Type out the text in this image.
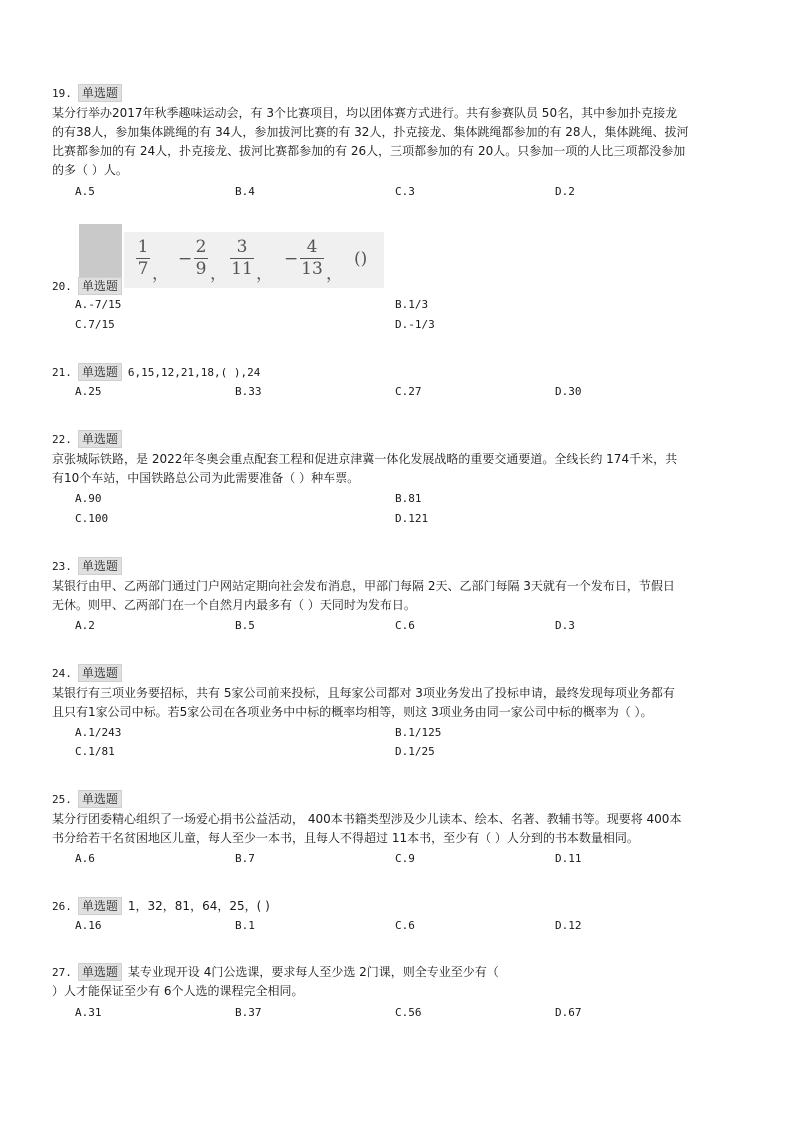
19. 单选题
某分行举办2017年秋季趣味运动会，有 3个比赛项目，均以团体赛方式进行。共有参赛队员 50名，其中参加扑克接龙
的有38人，参加集体跳绳的有 34人，参加拔河比赛的有 32人，扑克接龙、集体跳绳都参加的有 28人，集体跳绳、拔河
比赛都参加的有 24人，扑克接龙、拔河比赛都参加的有 26人，三项都参加的有 20人。只参加一项的人比三项都没参加
的多（ ）人。
A.5	B.4	C.3	D.2
1
7 ，
−
2
9 ，
3
11 ，
−
4
13 ，
()
20. 单选题
A.-7/15	B.1/3
C.7/15	D.-1/3
21. 单选题 6,15,12,21,18,( ),24
A.25	B.33	C.27	D.30
22. 单选题
京张城际铁路，是 2022年冬奥会重点配套工程和促进京津冀一体化发展战略的重要交通要道。全线长约 174千米，共
有10个车站，中国铁路总公司为此需要准备（ ）种车票。
A.90	B.81
C.100	D.121
23. 单选题
某银行由甲、乙两部门通过门户网站定期向社会发布消息，甲部门每隔 2天、乙部门每隔 3天就有一个发布日，节假日
无休。则甲、乙两部门在一个自然月内最多有（ ）天同时为发布日。
A.2	B.5	C.6	D.3
24. 单选题
某银行有三项业务要招标，共有 5家公司前来投标，且每家公司都对 3项业务发出了投标申请，最终发现每项业务都有
且只有1家公司中标。若5家公司在各项业务中中标的概率均相等，则这 3项业务由同一家公司中标的概率为（ ）。
A.1/243	B.1/125
C.1/81	D.1/25
25. 单选题
某分行团委精心组织了一场爱心捐书公益活动， 400本书籍类型涉及少儿读本、绘本、名著、教辅书等。现要将 400本
书分给若干名贫困地区儿童，每人至少一本书，且每人不得超过 11本书，至少有（ ）人分到的书本数量相同。
A.6	B.7	C.9	D.11
26. 单选题 1，32，81，64，25，( )
A.16	B.1	C.6	D.12
27. 单选题 某专业现开设 4门公选课，要求每人至少选 2门课，则全专业至少有（
）人才能保证至少有 6个人选的课程完全相同。
A.31	B.37	C.56	D.67
